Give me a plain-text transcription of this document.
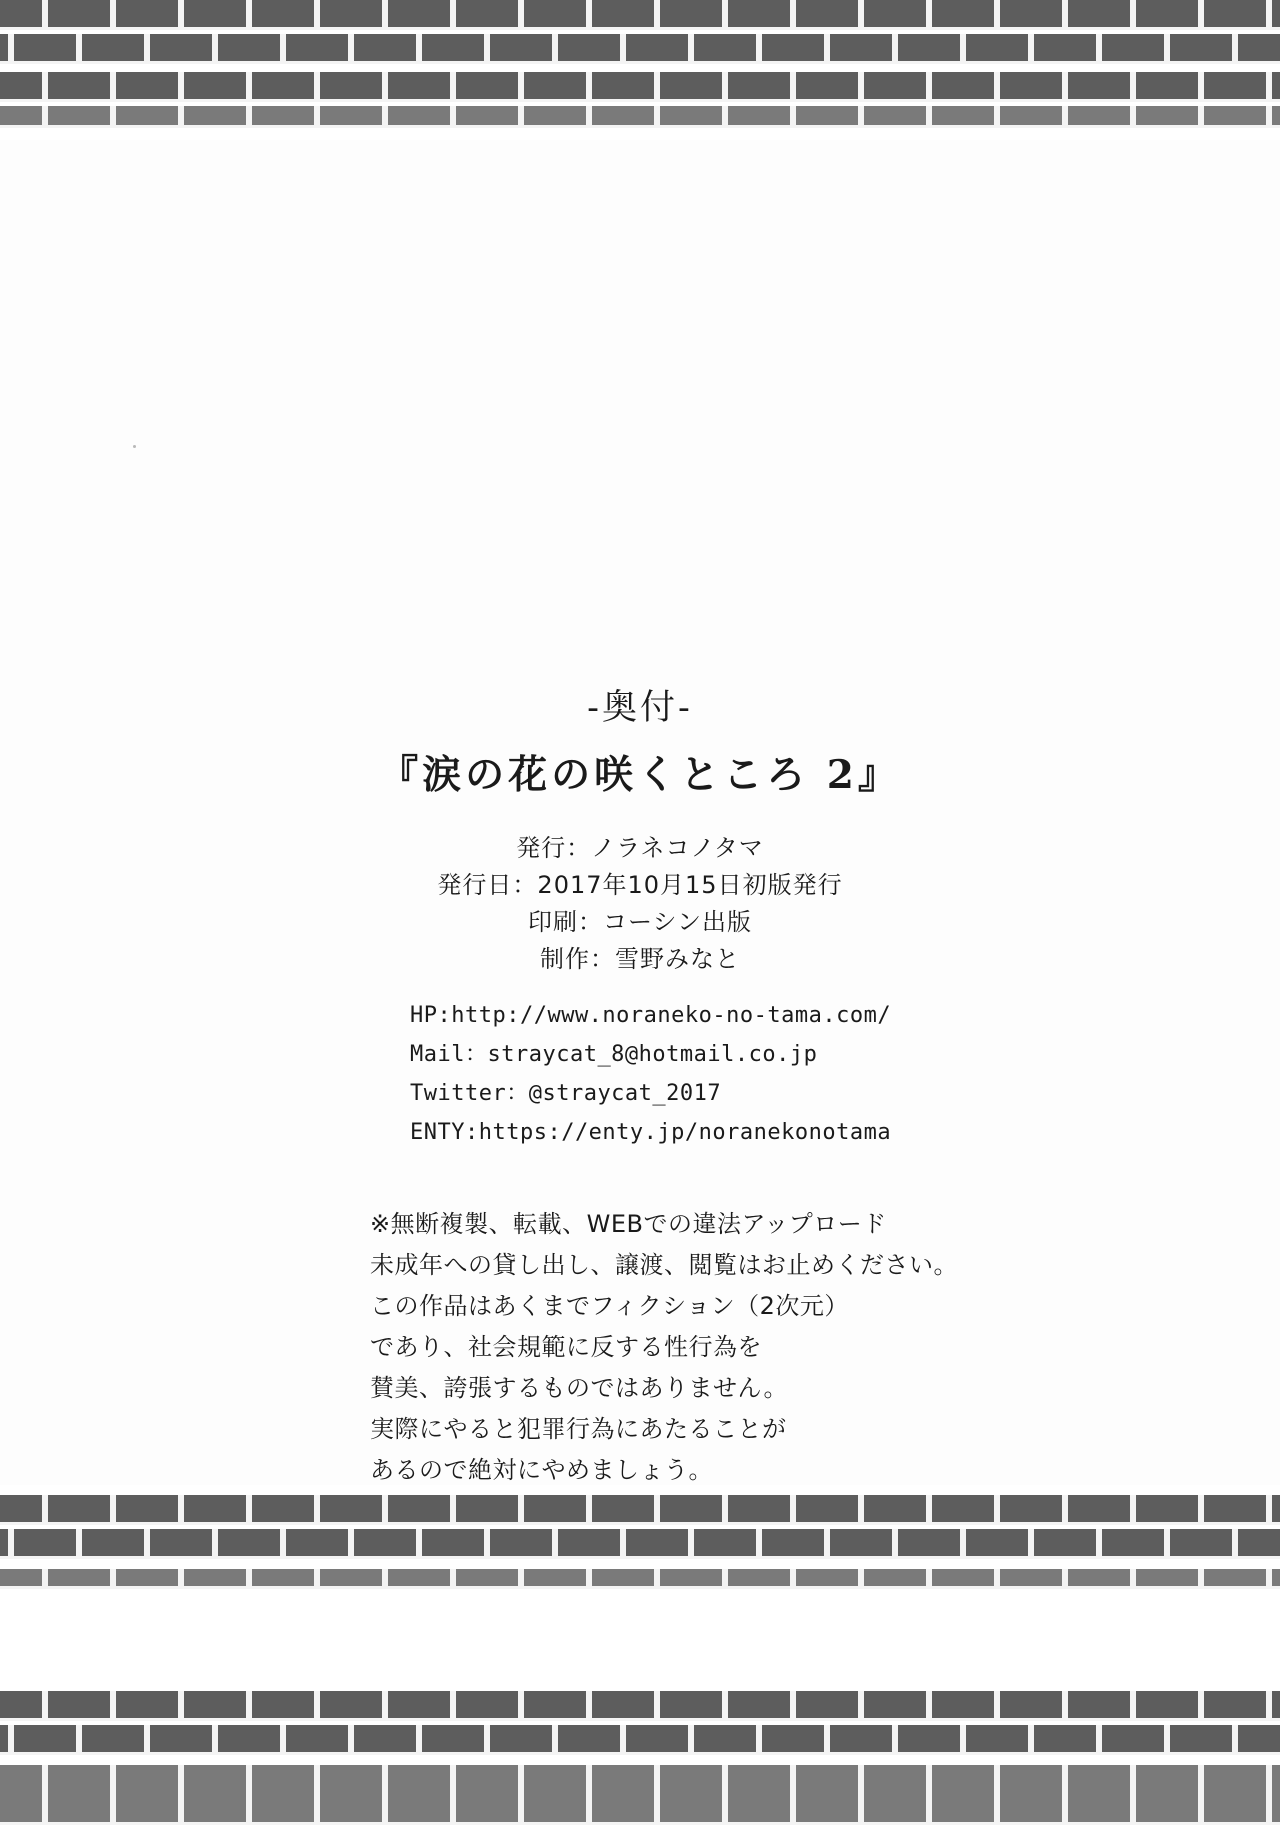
-奥付-

『涙の花の咲くところ 2』

発行：ノラネコノタマ
発行日：2017年10月15日初版発行
印刷：コーシン出版
制作：雪野みなと
HP:http://www.noraneko-no-tama.com/
Mail：straycat_8@hotmail.co.jp
Twitter：@straycat_2017
ENTY:https://enty.jp/noranekonotama
※無断複製、転載、WEBでの違法アップロード
未成年への貸し出し、譲渡、閲覧はお止めください。
この作品はあくまでフィクション（2次元）
であり、社会規範に反する性行為を
賛美、誇張するものではありません。
実際にやると犯罪行為にあたることが
あるので絶対にやめましょう。
